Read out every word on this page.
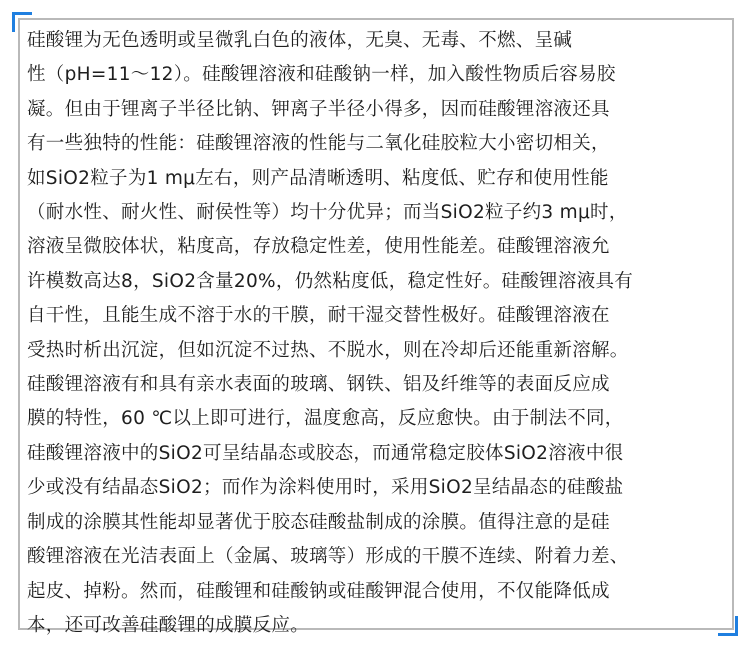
硅酸锂为无色透明或呈微乳白色的液体，无臭、无毒、不燃、呈碱
性（pH=11～12）。硅酸锂溶液和硅酸钠一样，加入酸性物质后容易胶
凝。但由于锂离子半径比钠、钾离子半径小得多，因而硅酸锂溶液还具
有一些独特的性能：硅酸锂溶液的性能与二氧化硅胶粒大小密切相关，
如SiO2粒子为1 mμ左右，则产品清晰透明、粘度低、贮存和使用性能
（耐水性、耐火性、耐侯性等）均十分优异；而当SiO2粒子约3 mμ时，
溶液呈微胶体状，粘度高，存放稳定性差，使用性能差。硅酸锂溶液允
许模数高达8，SiO2含量20%，仍然粘度低，稳定性好。硅酸锂溶液具有
自干性，且能生成不溶于水的干膜，耐干湿交替性极好。硅酸锂溶液在
受热时析出沉淀，但如沉淀不过热、不脱水，则在冷却后还能重新溶解。
硅酸锂溶液有和具有亲水表面的玻璃、钢铁、铝及纤维等的表面反应成
膜的特性，60 ℃以上即可进行，温度愈高，反应愈快。由于制法不同，
硅酸锂溶液中的SiO2可呈结晶态或胶态，而通常稳定胶体SiO2溶液中很
少或没有结晶态SiO2；而作为涂料使用时，采用SiO2呈结晶态的硅酸盐
制成的涂膜其性能却显著优于胶态硅酸盐制成的涂膜。值得注意的是硅
酸锂溶液在光洁表面上（金属、玻璃等）形成的干膜不连续、附着力差、
起皮、掉粉。然而，硅酸锂和硅酸钠或硅酸钾混合使用，不仅能降低成
本，还可改善硅酸锂的成膜反应。
